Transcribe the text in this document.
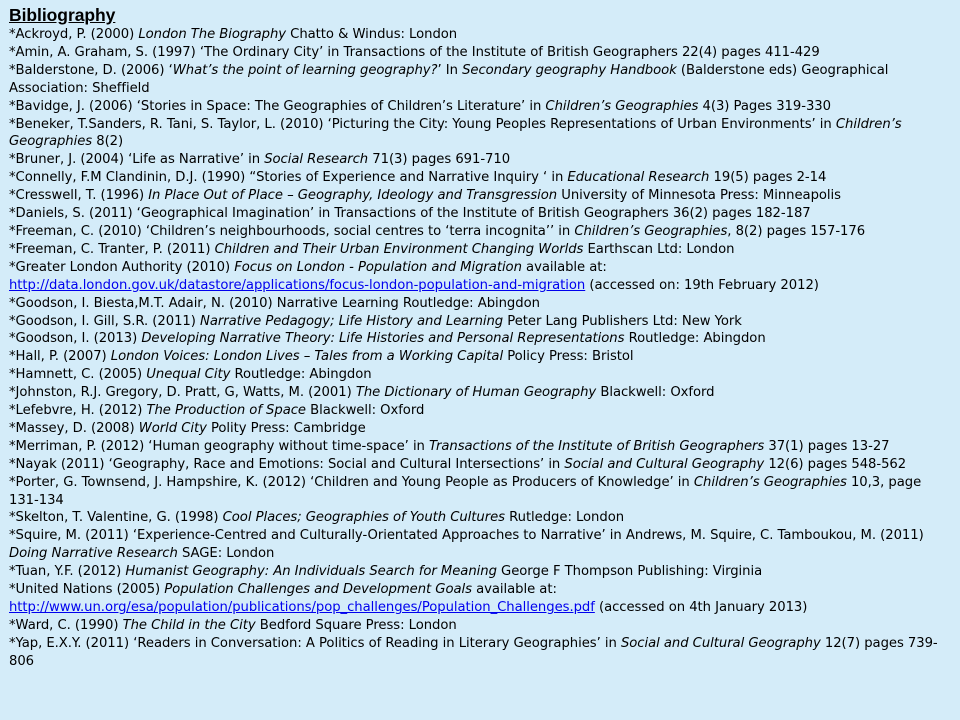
Bibliography
*Ackroyd, P. (2000) London The Biography Chatto & Windus: London
*Amin, A. Graham, S. (1997) ‘The Ordinary City’ in Transactions of the Institute of British Geographers 22(4) pages 411-429
*Balderstone, D. (2006) ‘What’s the point of learning geography?’ In Secondary geography Handbook (Balderstone eds) Geographical Association: Sheffield
*Bavidge, J. (2006) ‘Stories in Space: The Geographies of Children’s Literature’ in Children’s Geographies 4(3) Pages 319-330
*Beneker, T.Sanders, R. Tani, S. Taylor, L. (2010) ‘Picturing the City: Young Peoples Representations of Urban Environments’ in Children’s Geographies 8(2)
*Bruner, J. (2004) ‘Life as Narrative’ in Social Research 71(3) pages 691-710
*Connelly, F.M Clandinin, D.J. (1990) “Stories of Experience and Narrative Inquiry ‘ in Educational Research 19(5) pages 2-14
*Cresswell, T. (1996) In Place Out of Place – Geography, Ideology and Transgression University of Minnesota Press: Minneapolis
*Daniels, S. (2011) ‘Geographical Imagination’ in Transactions of the Institute of British Geographers 36(2) pages 182-187
*Freeman, C. (2010) ‘Children’s neighbourhoods, social centres to ‘terra incognita’’ in Children’s Geographies, 8(2) pages 157-176
*Freeman, C. Tranter, P. (2011) Children and Their Urban Environment Changing Worlds Earthscan Ltd: London
*Greater London Authority (2010) Focus on London - Population and Migration available at: http://data.london.gov.uk/datastore/applications/focus-london-population-and-migration (accessed on: 19th February 2012)
*Goodson, I. Biesta,M.T. Adair, N. (2010) Narrative Learning Routledge: Abingdon
*Goodson, I. Gill, S.R. (2011) Narrative Pedagogy; Life History and Learning Peter Lang Publishers Ltd: New York
*Goodson, I. (2013) Developing Narrative Theory: Life Histories and Personal Representations Routledge: Abingdon
*Hall, P. (2007) London Voices: London Lives – Tales from a Working Capital Policy Press: Bristol
*Hamnett, C. (2005) Unequal City Routledge: Abingdon
*Johnston, R.J. Gregory, D. Pratt, G, Watts, M. (2001) The Dictionary of Human Geography Blackwell: Oxford
*Lefebvre, H. (2012) The Production of Space Blackwell: Oxford
*Massey, D. (2008) World City Polity Press: Cambridge
*Merriman, P. (2012) ‘Human geography without time-space’ in Transactions of the Institute of British Geographers 37(1) pages 13-27
*Nayak (2011) ‘Geography, Race and Emotions: Social and Cultural Intersections’ in Social and Cultural Geography 12(6) pages 548-562
*Porter, G. Townsend, J. Hampshire, K. (2012) ‘Children and Young People as Producers of Knowledge’ in Children’s Geographies 10,3, page 131-134
*Skelton, T. Valentine, G. (1998) Cool Places; Geographies of Youth Cultures Rutledge: London
*Squire, M. (2011) ‘Experience-Centred and Culturally-Orientated Approaches to Narrative’ in Andrews, M. Squire, C. Tamboukou, M. (2011) Doing Narrative Research SAGE: London
*Tuan, Y.F. (2012) Humanist Geography: An Individuals Search for Meaning George F Thompson Publishing: Virginia
*United Nations (2005) Population Challenges and Development Goals available at: http://www.un.org/esa/population/publications/pop_challenges/Population_Challenges.pdf (accessed on 4th January 2013)
*Ward, C. (1990) The Child in the City Bedford Square Press: London
*Yap, E.X.Y. (2011) ‘Readers in Conversation: A Politics of Reading in Literary Geographies’ in Social and Cultural Geography 12(7) pages 739-806
